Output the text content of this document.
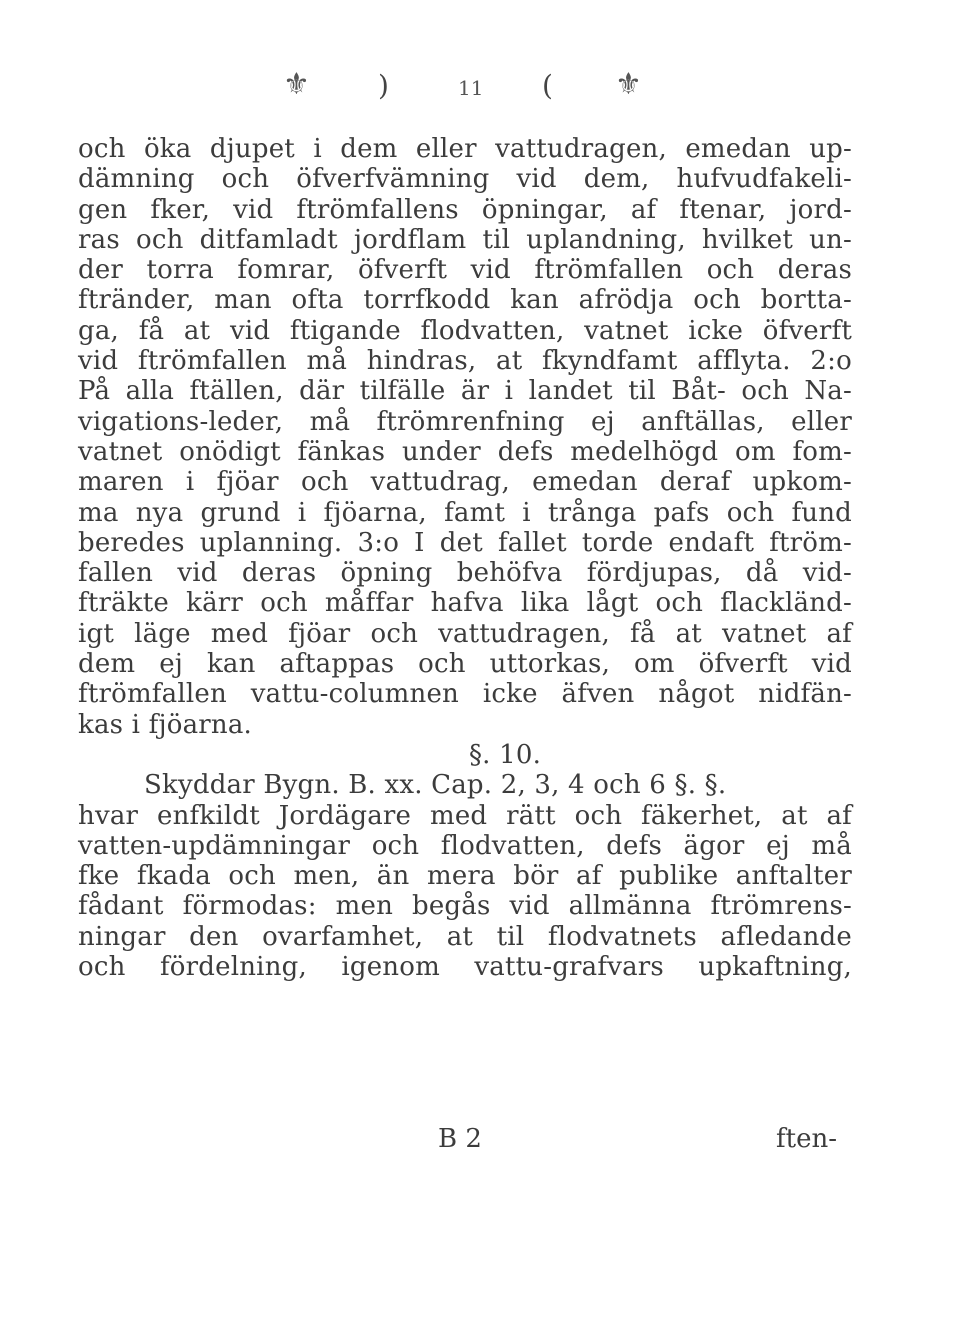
⚜ )	11 ( ⚜
och öka djupet i dem eller vattudragen, emedan up-
dämning och öfverfvämning vid dem, hufvudfakeli-
gen fker, vid ftrömfallens öpningar, af ftenar, jord-
ras och ditfamladt jordflam til uplandning, hvilket un-
der torra fomrar, öfverft vid ftrömfallen och deras
ftränder, man ofta torrfkodd kan afrödja och bortta-
ga, få at vid ftigande flodvatten, vatnet icke öfverft
vid ftrömfallen må hindras, at fkyndfamt afflyta. 2:o
På alla ftällen, där tilfälle är i landet til Båt- och Na-
vigations-leder, må ftrömrenfning ej anftällas, eller
vatnet onödigt fänkas under defs medelhögd om fom-
maren i fjöar och vattudrag, emedan deraf upkom-
ma nya grund i fjöarna, famt i trånga pafs och fund
beredes uplanning. 3:o I det fallet torde endaft ftröm-
fallen vid deras öpning behöfva fördjupas, då vid-
fträkte kärr och måffar hafva lika lågt och flackländ-
igt läge med fjöar och vattudragen, få at vatnet af
dem ej kan aftappas och uttorkas, om öfverft vid
ftrömfallen vattu-columnen icke äfven något nidfän-
kas i fjöarna.
§. 10.
Skyddar Bygn. B. xx. Cap. 2, 3, 4 och 6 §. §.
hvar enfkildt Jordägare med rätt och fäkerhet, at af
vatten-updämningar och flodvatten, defs ägor ej må
fke fkada och men, än mera bör af publike anftalter
fådant förmodas: men begås vid allmänna ftrömrens-
ningar den ovarfamhet, at til flodvatnets afledande
och fördelning, igenom vattu-grafvars upkaftning,
B 2	ften-
